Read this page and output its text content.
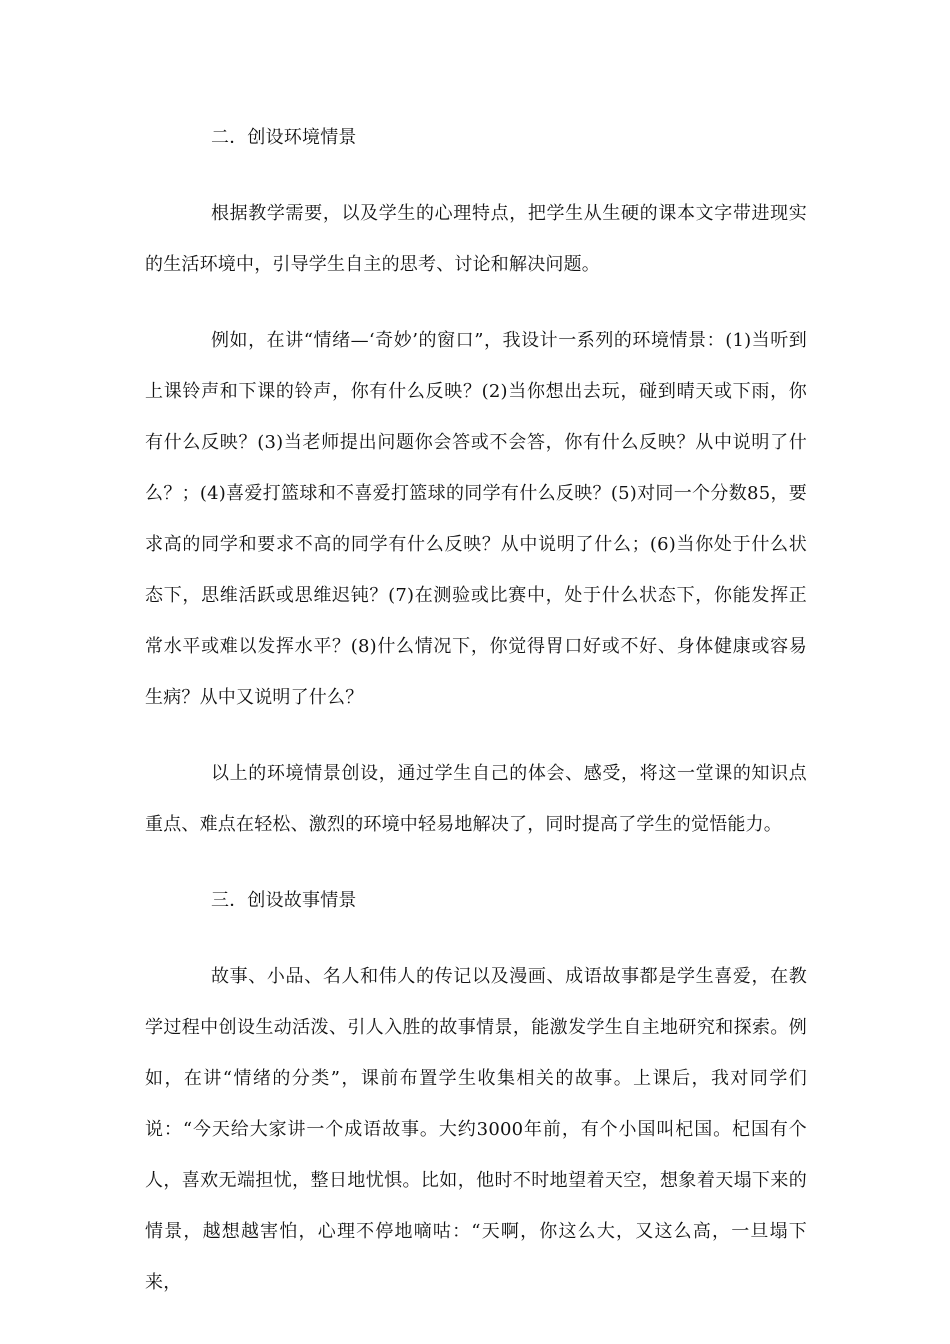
二．创设环境情景

根据教学需要，以及学生的心理特点，把学生从生硬的课本文字带进现实的生活环境中，引导学生自主的思考、讨论和解决问题。

例如，在讲“情绪—‘奇妙’的窗口”，我设计一系列的环境情景：(1)当听到上课铃声和下课的铃声，你有什么反映？(2)当你想出去玩，碰到晴天或下雨，你有什么反映？(3)当老师提出问题你会答或不会答，你有什么反映？从中说明了什么？；(4)喜爱打篮球和不喜爱打篮球的同学有什么反映？(5)对同一个分数85，要求高的同学和要求不高的同学有什么反映？从中说明了什么；(6)当你处于什么状态下，思维活跃或思维迟钝？(7)在测验或比赛中，处于什么状态下，你能发挥正常水平或难以发挥水平？(8)什么情况下，你觉得胃口好或不好、身体健康或容易生病？从中又说明了什么？

以上的环境情景创设，通过学生自己的体会、感受，将这一堂课的知识点重点、难点在轻松、激烈的环境中轻易地解决了，同时提高了学生的觉悟能力。

三．创设故事情景

故事、小品、名人和伟人的传记以及漫画、成语故事都是学生喜爱，在教学过程中创设生动活泼、引人入胜的故事情景，能激发学生自主地研究和探索。例如，在讲“情绪的分类”，课前布置学生收集相关的故事。上课后，我对同学们说：“今天给大家讲一个成语故事。大约3000年前，有个小国叫杞国。杞国有个人，喜欢无端担忧，整日地忧惧。比如，他时不时地望着天空，想象着天塌下来的情景，越想越害怕，心理不停地嘀咕：“天啊，你这么大，又这么高，一旦塌下来，
